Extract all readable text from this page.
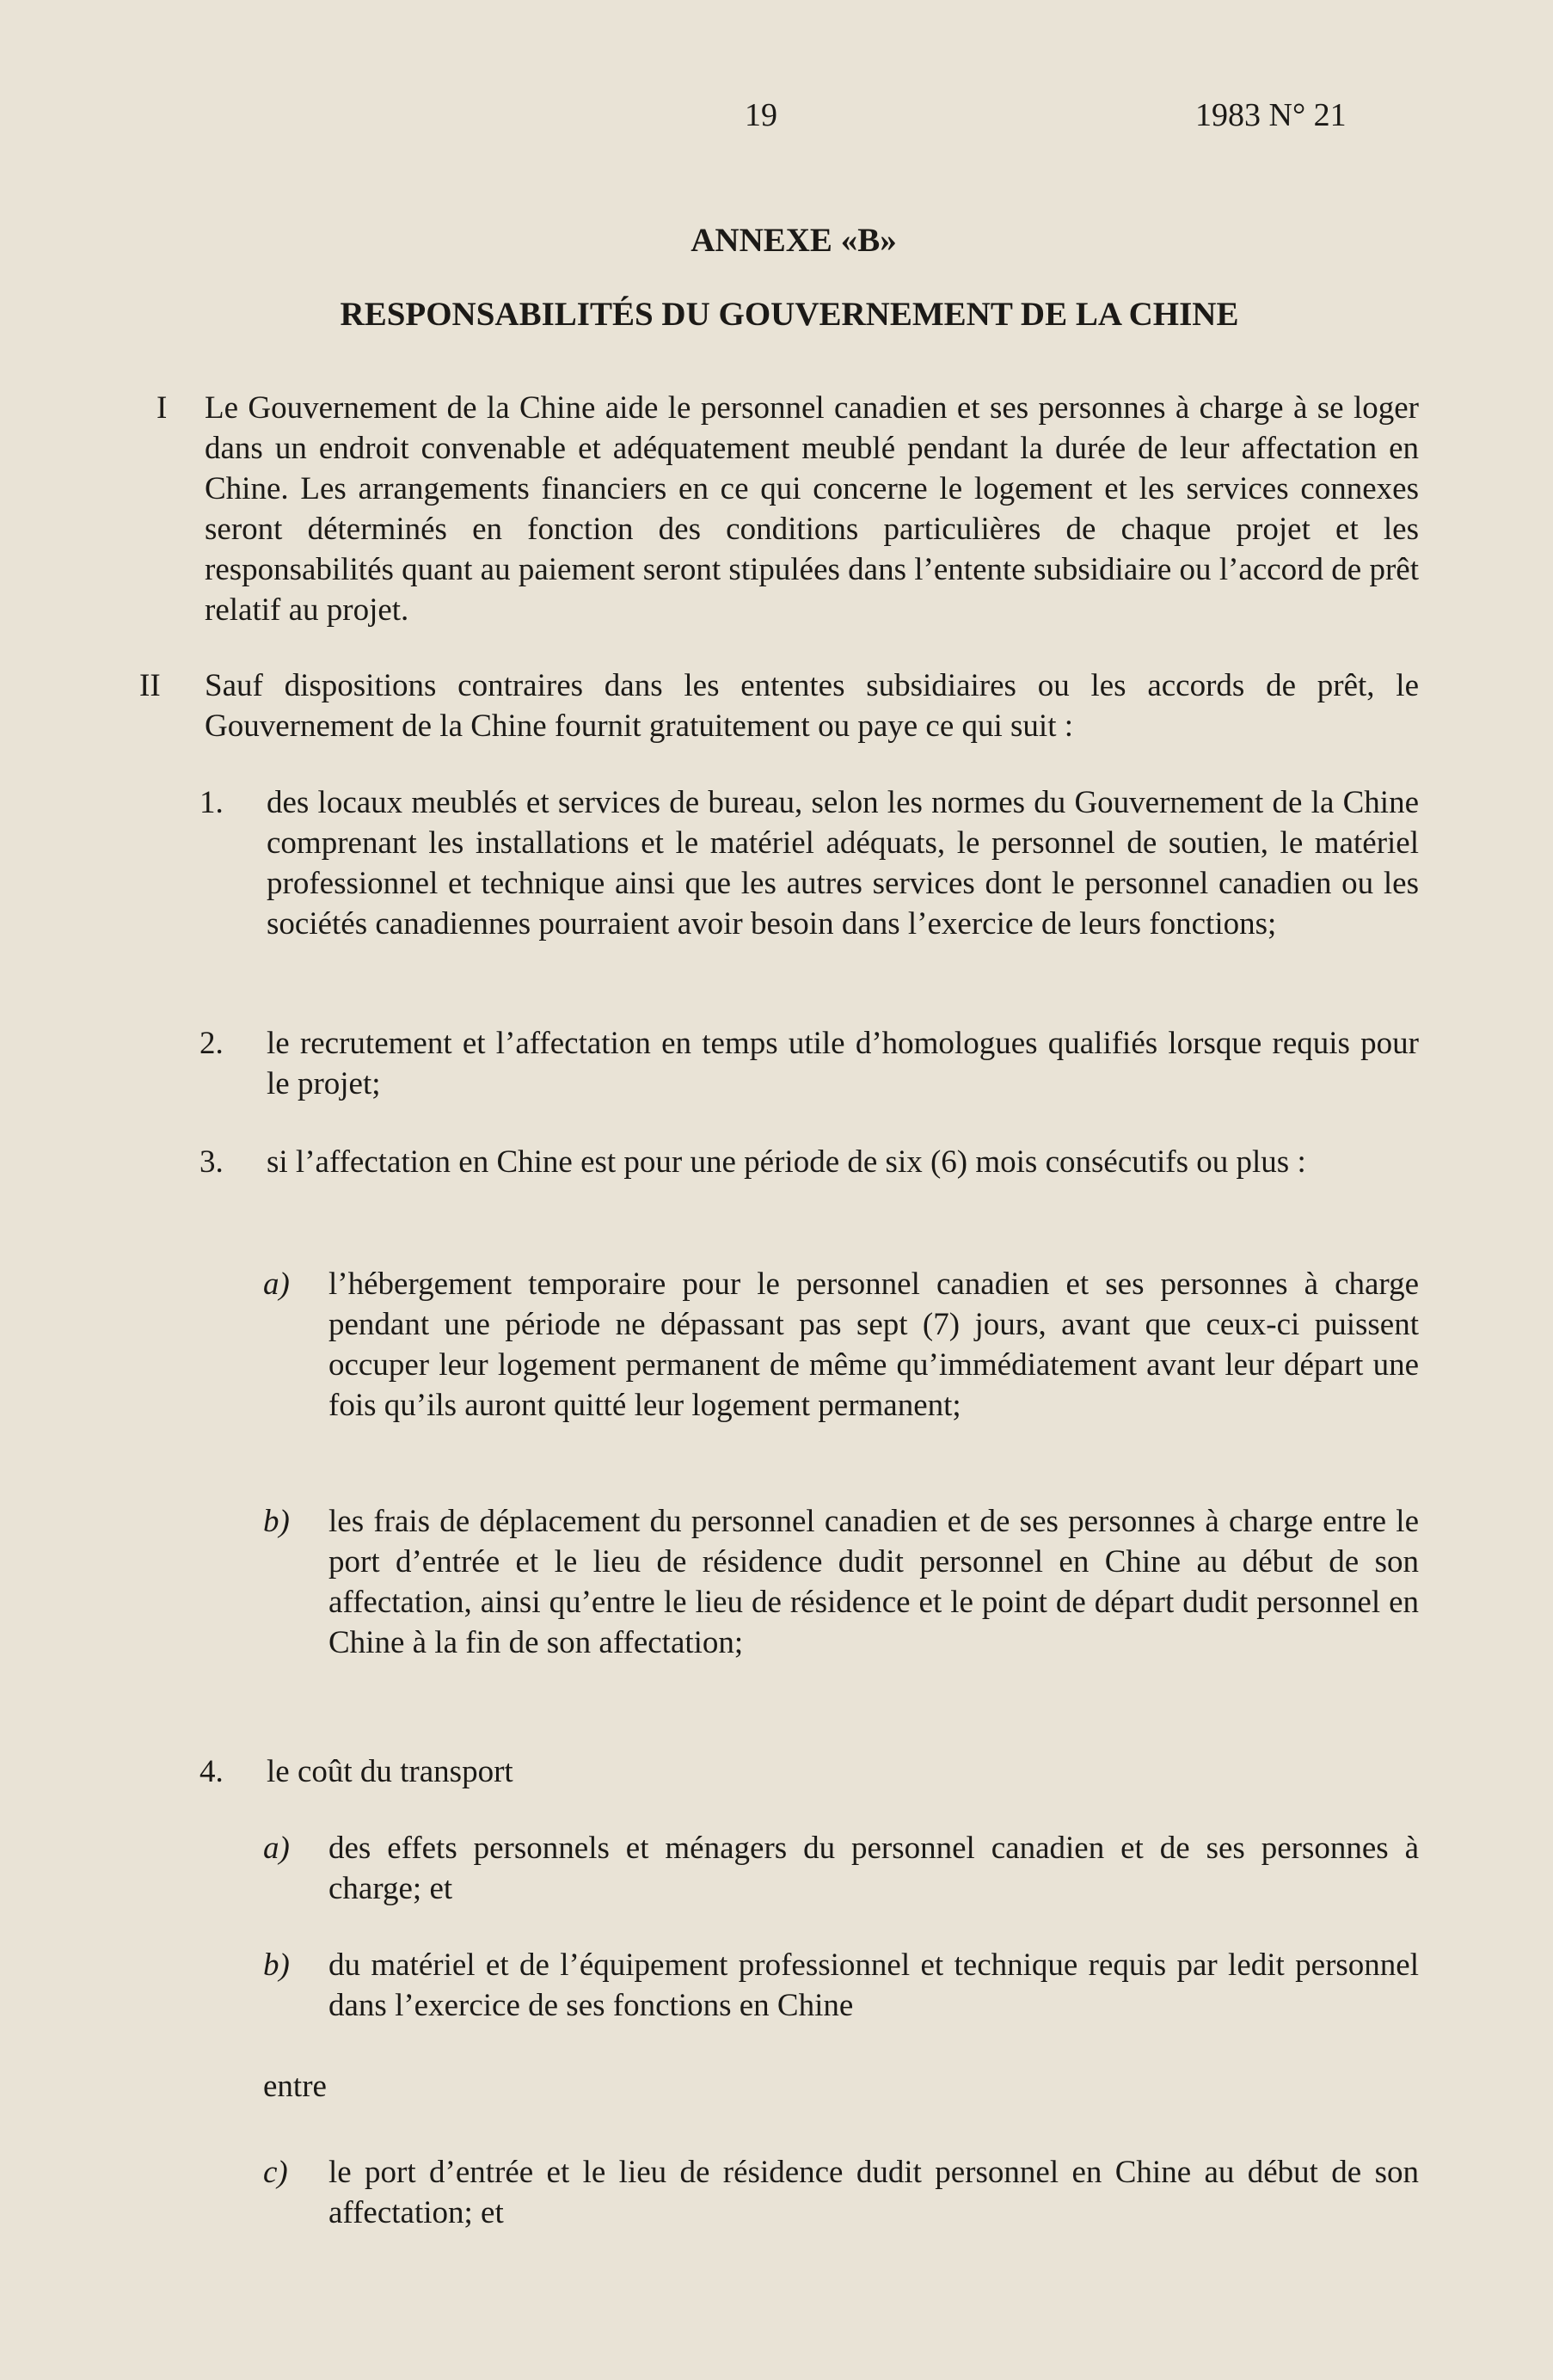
19	1983 N° 21
ANNEXE «B»
RESPONSABILITÉS DU GOUVERNEMENT DE LA CHINE
I Le Gouvernement de la Chine aide le personnel canadien et ses personnes à charge à se loger dans un endroit convenable et adéquatement meublé pendant la durée de leur affectation en Chine. Les arrangements financiers en ce qui concerne le logement et les services connexes seront déterminés en fonction des conditions particulières de chaque projet et les responsabilités quant au paiement seront stipulées dans l’entente subsidiaire ou l’accord de prêt relatif au projet.
II Sauf dispositions contraires dans les ententes subsidiaires ou les accords de prêt, le Gouvernement de la Chine fournit gratuitement ou paye ce qui suit :
1. des locaux meublés et services de bureau, selon les normes du Gouvernement de la Chine comprenant les installations et le matériel adéquats, le personnel de soutien, le matériel professionnel et technique ainsi que les autres services dont le personnel canadien ou les sociétés canadiennes pourraient avoir besoin dans l’exercice de leurs fonctions;
2. le recrutement et l’affectation en temps utile d’homologues qualifiés lorsque requis pour le projet;
3. si l’affectation en Chine est pour une période de six (6) mois consécutifs ou plus :
a) l’hébergement temporaire pour le personnel canadien et ses personnes à charge pendant une période ne dépassant pas sept (7) jours, avant que ceux-ci puissent occuper leur logement permanent de même qu’immédiatement avant leur départ une fois qu’ils auront quitté leur logement permanent;
b) les frais de déplacement du personnel canadien et de ses personnes à charge entre le port d’entrée et le lieu de résidence dudit personnel en Chine au début de son affectation, ainsi qu’entre le lieu de résidence et le point de départ dudit personnel en Chine à la fin de son affectation;
4. le coût du transport
a) des effets personnels et ménagers du personnel canadien et de ses personnes à charge; et
b) du matériel et de l’équipement professionnel et technique requis par ledit personnel dans l’exercice de ses fonctions en Chine
entre
c) le port d’entrée et le lieu de résidence dudit personnel en Chine au début de son affectation; et
